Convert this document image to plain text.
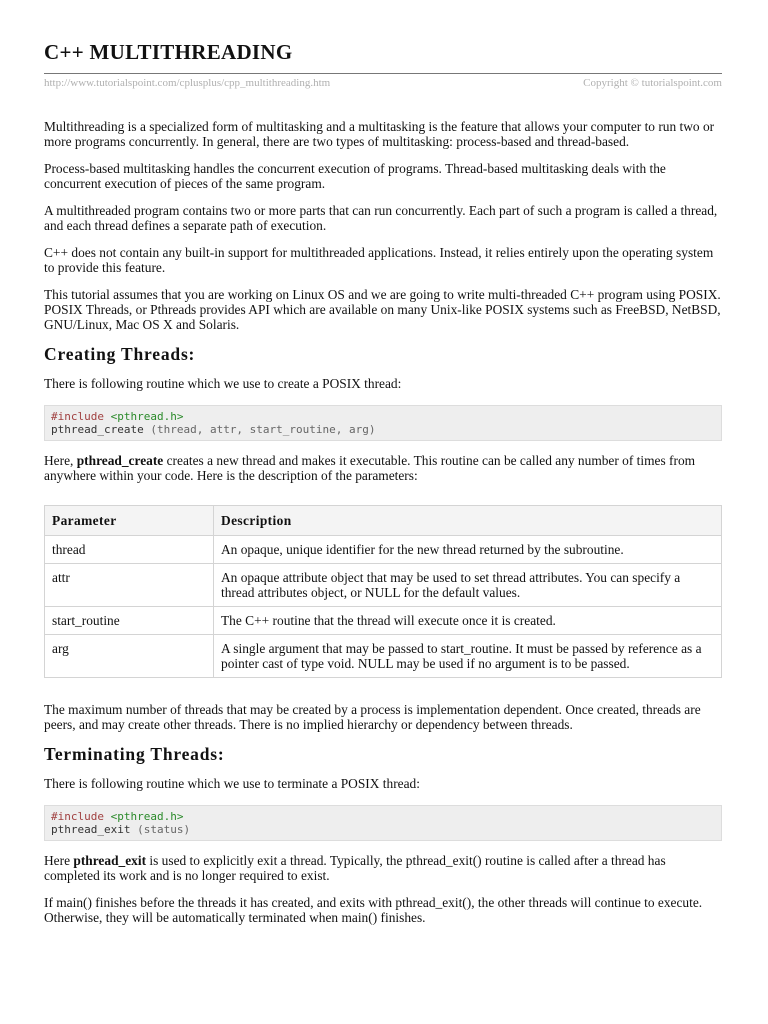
C++ MULTITHREADING
http://www.tutorialspoint.com/cplusplus/cpp_multithreading.htm	Copyright © tutorialspoint.com

Multithreading is a specialized form of multitasking and a multitasking is the feature that allows your computer to run two or more programs concurrently. In general, there are two types of multitasking: process-based and thread-based.

Process-based multitasking handles the concurrent execution of programs. Thread-based multitasking deals with the concurrent execution of pieces of the same program.

A multithreaded program contains two or more parts that can run concurrently. Each part of such a program is called a thread, and each thread defines a separate path of execution.

C++ does not contain any built-in support for multithreaded applications. Instead, it relies entirely upon the operating system to provide this feature.

This tutorial assumes that you are working on Linux OS and we are going to write multi-threaded C++ program using POSIX. POSIX Threads, or Pthreads provides API which are available on many Unix-like POSIX systems such as FreeBSD, NetBSD, GNU/Linux, Mac OS X and Solaris.

Creating Threads:

There is following routine which we use to create a POSIX thread:

#include <pthread.h>
pthread_create (thread, attr, start_routine, arg)

Here, pthread_create creates a new thread and makes it executable. This routine can be called any number of times from anywhere within your code. Here is the description of the parameters:

Parameter	Description
thread	An opaque, unique identifier for the new thread returned by the subroutine.
attr	An opaque attribute object that may be used to set thread attributes. You can specify a thread attributes object, or NULL for the default values.
start_routine	The C++ routine that the thread will execute once it is created.
arg	A single argument that may be passed to start_routine. It must be passed by reference as a pointer cast of type void. NULL may be used if no argument is to be passed.

The maximum number of threads that may be created by a process is implementation dependent. Once created, threads are peers, and may create other threads. There is no implied hierarchy or dependency between threads.

Terminating Threads:

There is following routine which we use to terminate a POSIX thread:

#include <pthread.h>
pthread_exit (status)

Here pthread_exit is used to explicitly exit a thread. Typically, the pthread_exit() routine is called after a thread has completed its work and is no longer required to exist.

If main() finishes before the threads it has created, and exits with pthread_exit(), the other threads will continue to execute. Otherwise, they will be automatically terminated when main() finishes.
